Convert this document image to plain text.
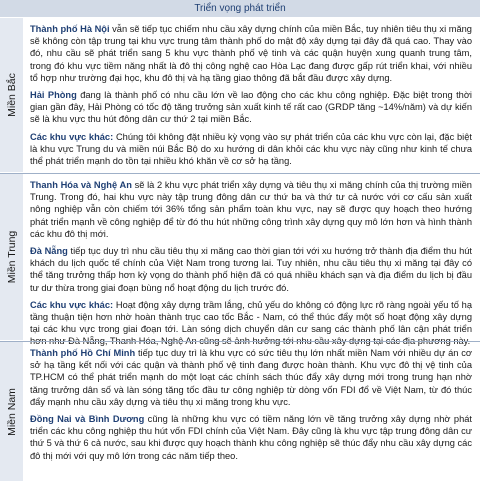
Triển vọng phát triển
Miền Bắc

Thành phố Hà Nội vẫn sẽ tiếp tục chiếm nhu cầu xây dựng chính của miền Bắc, tuy nhiên tiêu thụ xi măng sẽ không còn tập trung tại khu vực trung tâm thành phố do mật độ xây dựng tại đây đã quá cao. Thay vào đó, nhu cầu sẽ phát triển sang 5 khu vực thành phố vệ tinh và các quận huyện xung quanh trung tâm, trong đó khu vực tiềm năng nhất là đô thị công nghệ cao Hòa Lạc đang được gấp rút triển khai, với nhiều tổ hợp như trường đại học, khu đô thị và hạ tầng giao thông đã bắt đầu được xây dựng.

Hải Phòng đang là thành phố có nhu cầu lớn về lao động cho các khu công nghiệp. Đặc biệt trong thời gian gần đây, Hải Phòng có tốc độ tăng trưởng sản xuất kinh tế rất cao (GRDP tăng ~14%/năm) và dự kiến sẽ là khu vực thu hút đông dân cư thứ 2 tại miền Bắc.

Các khu vực khác: Chúng tôi không đặt nhiều kỳ vọng vào sự phát triển của các khu vực còn lại, đặc biệt là khu vực Trung du và miền núi Bắc Bộ do xu hướng di dân khỏi các khu vực này cũng như kinh tế chưa thể phát triển mạnh do tồn tại nhiều khó khăn về cơ sở hạ tầng.

Miền Trung

Thanh Hóa và Nghệ An sẽ là 2 khu vực phát triển xây dựng và tiêu thụ xi măng chính của thị trường miền Trung. Trong đó, hai khu vực này tập trung đông dân cư thứ ba và thứ tư cả nước với cơ cấu sản xuất nông nghiệp vẫn còn chiếm tới 36% tổng sản phẩm toàn khu vực, nay sẽ được quy hoạch theo hướng phát triển mạnh về công nghiệp để từ đó thu hút những công trình xây dựng quy mô lớn hơn và hình thành các khu đô thị mới.

Đà Nẵng tiếp tục duy trì nhu cầu tiêu thụ xi măng cao thời gian tới với xu hướng trở thành địa điểm thu hút khách du lịch quốc tế chính của Việt Nam trong tương lai. Tuy nhiên, nhu cầu tiêu thụ xi măng tại đây có thể tăng trưởng thấp hơn kỳ vọng do thành phố hiện đã có quá nhiều khách sạn và địa điểm du lịch bị đầu tư dư thừa trong giai đoạn bùng nổ hoạt động du lịch trước đó.

Các khu vực khác: Hoạt động xây dựng trầm lắng, chủ yếu do không có động lực rõ ràng ngoài yếu tố hạ tầng thuận tiện hơn nhờ hoàn thành trục cao tốc Bắc - Nam, có thể thúc đẩy một số hoạt động xây dựng tại các khu vực trong giai đoạn tới. Làn sóng dịch chuyển dân cư sang các thành phố lân cận phát triển

Miền Nam

Thành phố Hồ Chí Minh tiếp tục duy trì là khu vực có sức tiêu thụ lớn nhất miền Nam với nhiều dự án cơ sở hạ tầng kết nối với các quận và thành phố vệ tinh đang được hoàn thành. Khu vực đô thị vệ tinh của TP.HCM có thể phát triển mạnh do một loạt các chính sách thúc đẩy xây dựng mới trong trung hạn nhờ tăng trưởng dân số và làn sóng tăng tốc đầu tư công nghiệp từ dòng vốn FDI đổ về Việt Nam, từ đó thúc đẩy mạnh nhu cầu xây dựng và tiêu thụ xi măng trong khu vực.

Đồng Nai và Bình Dương cũng là những khu vực có tiềm năng lớn về tăng trưởng xây dựng nhờ phát triển các khu công nghiệp thu hút vốn FDI chính của Việt Nam. Đây cũng là khu vực tập trung đông dân cư thứ 5 và thứ 6 cả nước, sau khi được quy hoạch thành khu công nghiệp sẽ thúc đẩy nhu cầu xây dựng các đô thị mới với quy mô lớn trong các năm tiếp theo.
